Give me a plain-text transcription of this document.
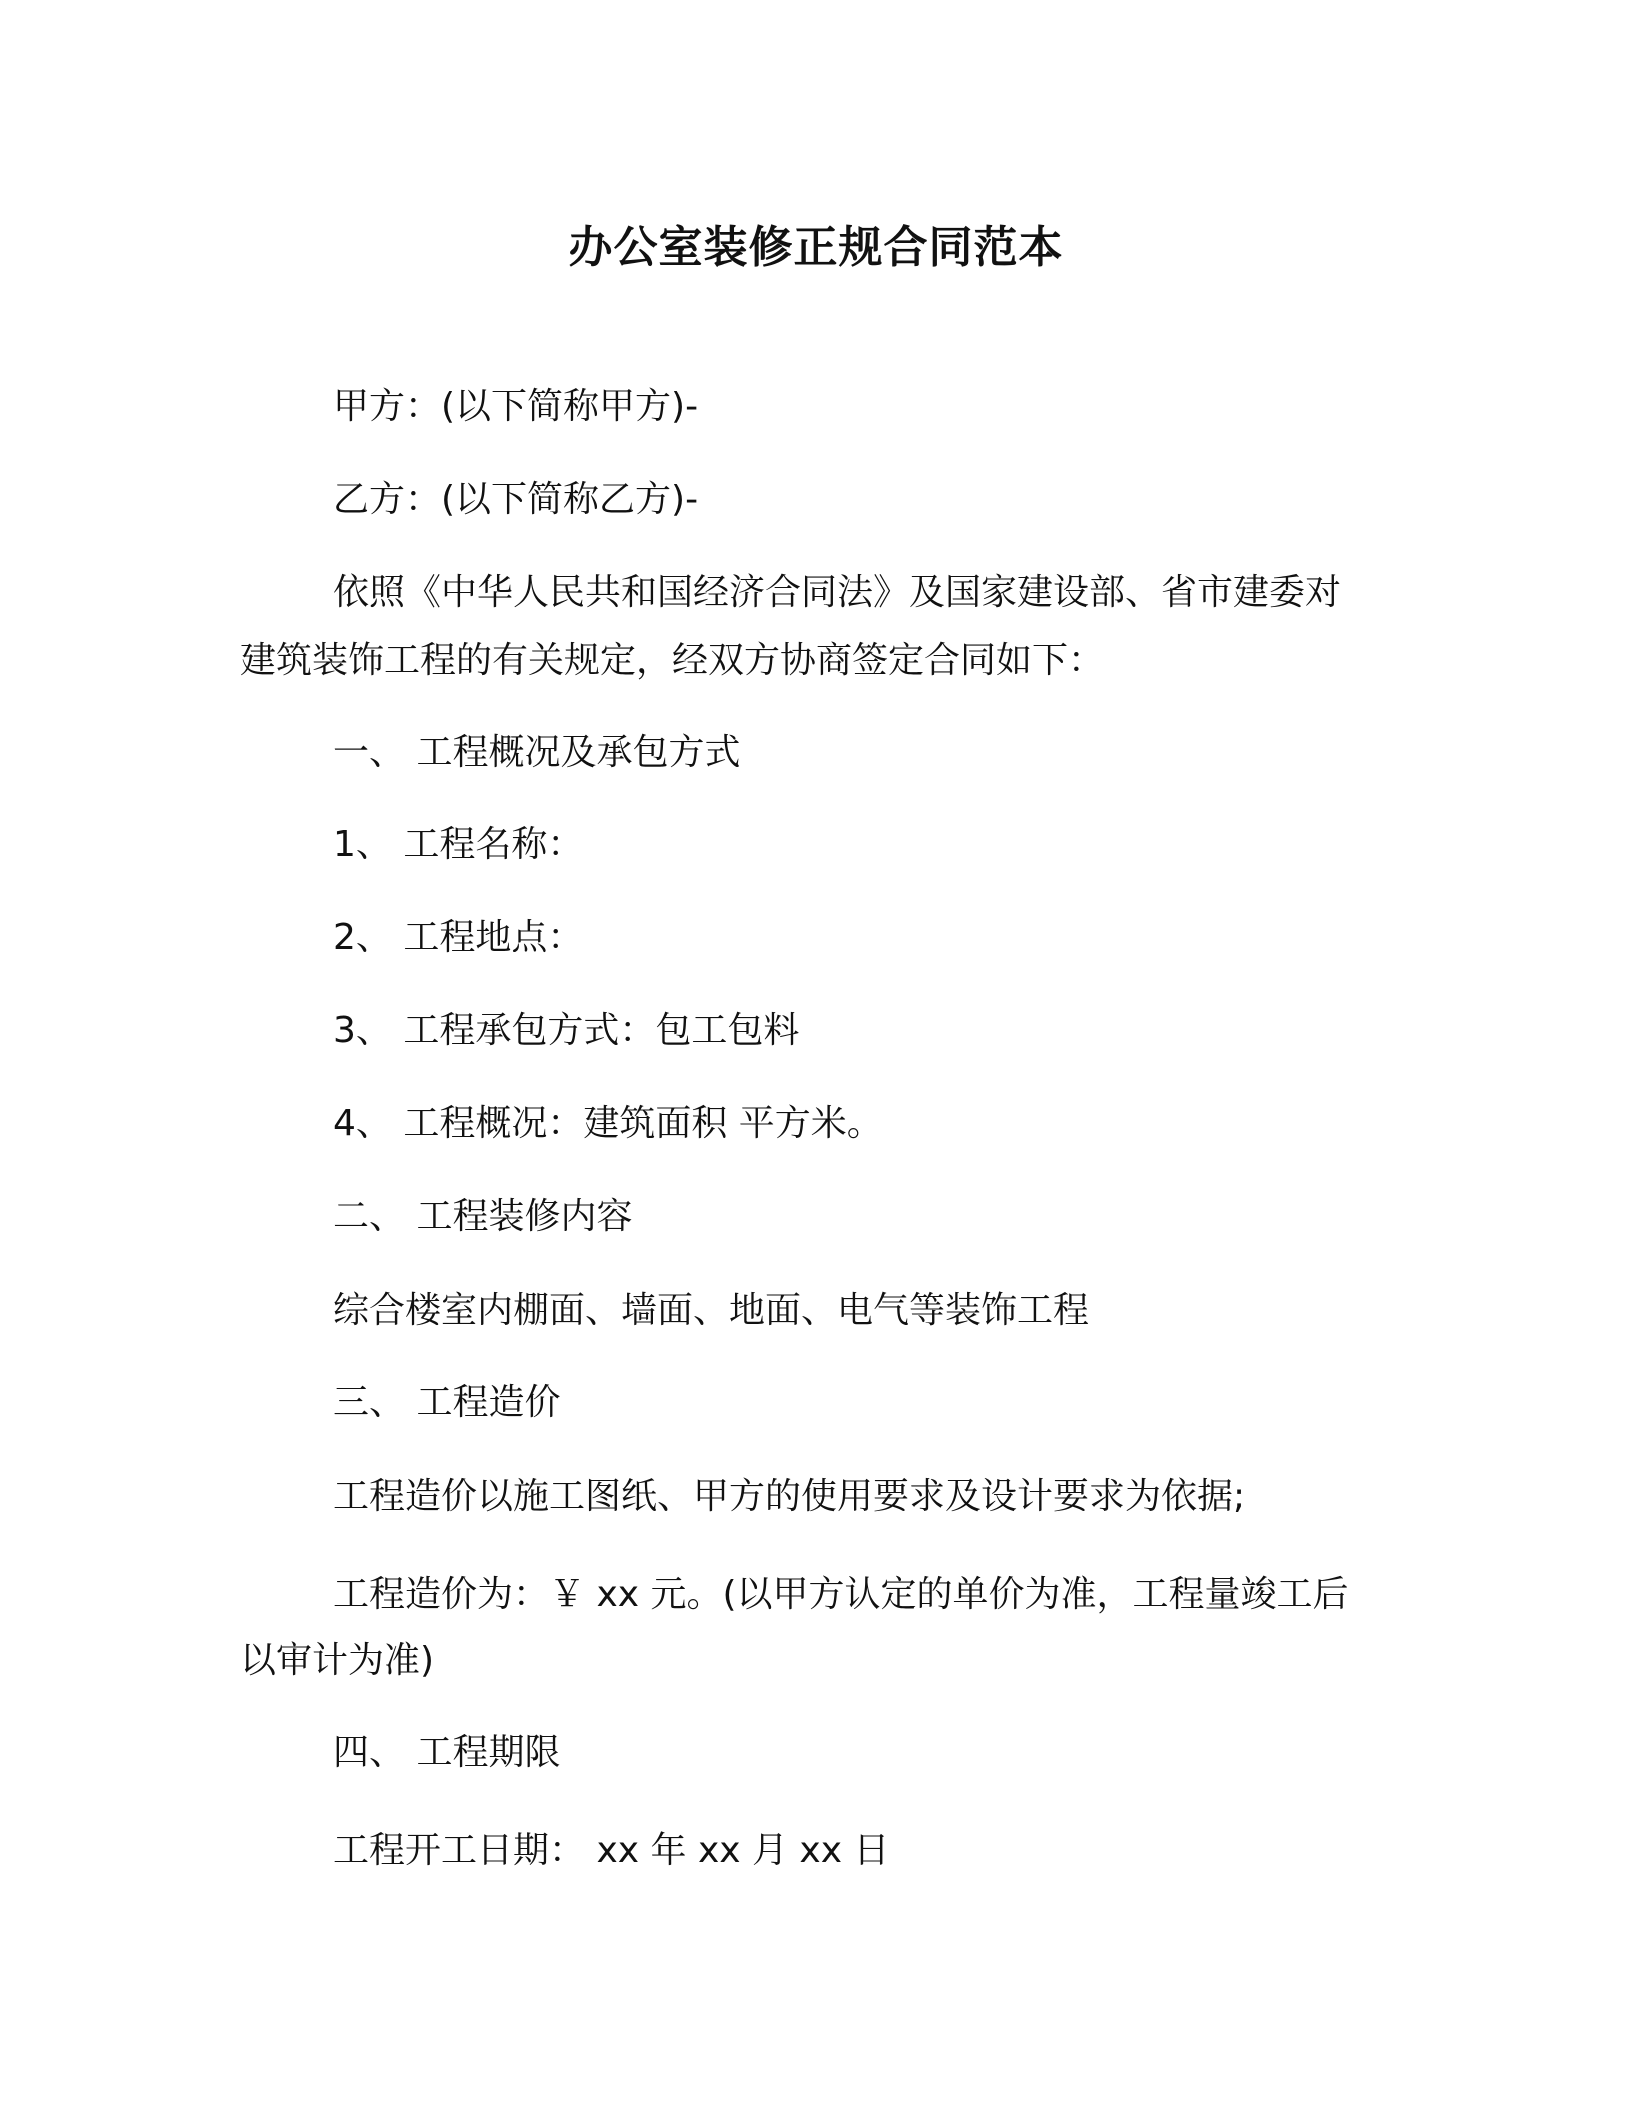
办公室装修正规合同范本
甲方：(以下简称甲方)-
乙方：(以下简称乙方)-
依照《中华人民共和国经济合同法》及国家建设部、省市建委对
建筑装饰工程的有关规定，经双方协商签定合同如下：
一、 工程概况及承包方式
1、 工程名称：
2、 工程地点：
3、 工程承包方式：包工包料
4、 工程概况：建筑面积 平方米。
二、 工程装修内容
综合楼室内棚面、墙面、地面、电气等装饰工程
三、 工程造价
工程造价以施工图纸、甲方的使用要求及设计要求为依据;
工程造价为：￥ xx 元。(以甲方认定的单价为准，工程量竣工后
以审计为准)
四、 工程期限
工程开工日期： xx 年 xx 月 xx 日
